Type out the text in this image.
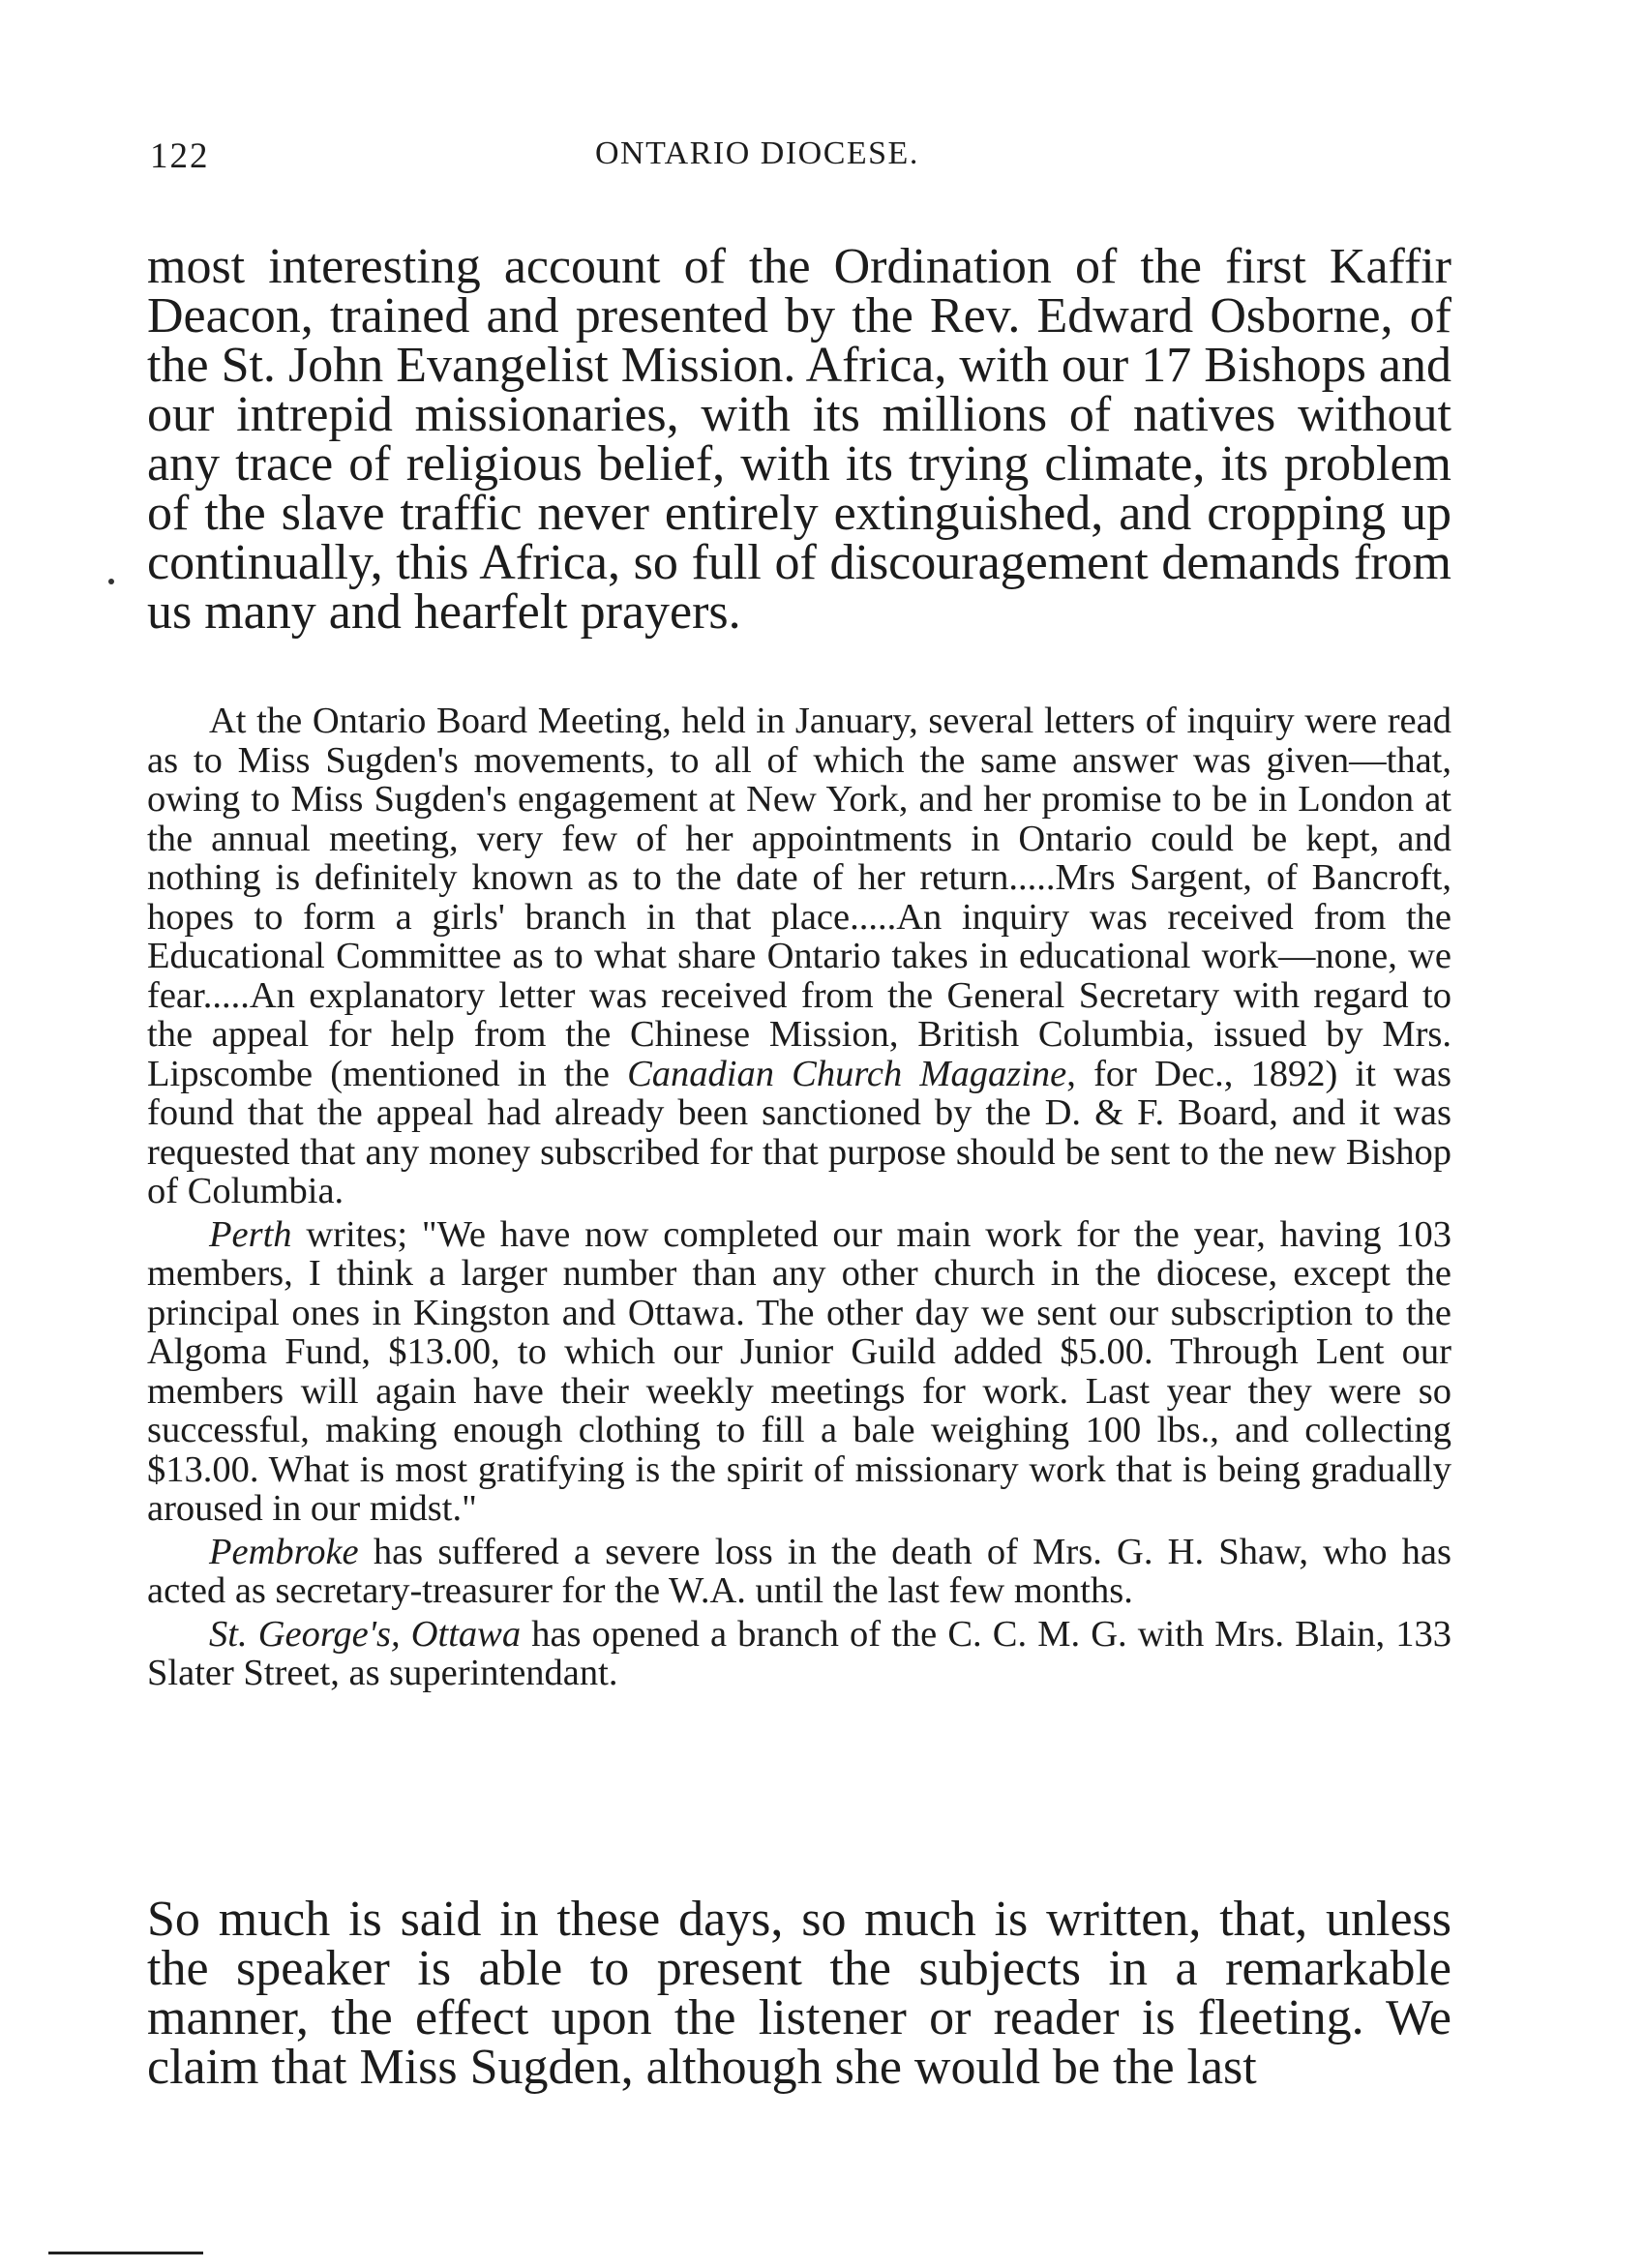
122	ONTARIO DIOCESE.

most interesting account of the Ordination of the first Kaffir Deacon, trained and presented by the Rev. Edward Osborne, of the St. John Evangelist Mission. Africa, with our 17 Bishops and our intrepid missionaries, with its millions of natives without any trace of religious belief, with its trying climate, its problem of the slave traffic never entirely extinguished, and cropping up continually, this Africa, so full of discouragement demands from us many and hearfelt prayers.

At the Ontario Board Meeting, held in January, several letters of inquiry were read as to Miss Sugden's movements, to all of which the same answer was given—that, owing to Miss Sugden's engagement at New York, and her promise to be in London at the annual meeting, very few of her appointments in Ontario could be kept, and nothing is definitely known as to the date of her return.....Mrs Sargent, of Bancroft, hopes to form a girls' branch in that place.....An inquiry was received from the Educational Committee as to what share Ontario takes in educational work—none, we fear.....An explanatory letter was received from the General Secretary with regard to the appeal for help from the Chinese Mission, British Columbia, issued by Mrs. Lipscombe (mentioned in the Canadian Church Magazine, for Dec., 1892) it was found that the appeal had already been sanctioned by the D. & F. Board, and it was requested that any money subscribed for that purpose should be sent to the new Bishop of Columbia.

Perth writes; "We have now completed our main work for the year, having 103 members, I think a larger number than any other church in the diocese, except the principal ones in Kingston and Ottawa. The other day we sent our subscription to the Algoma Fund, $13.00, to which our Junior Guild added $5.00. Through Lent our members will again have their weekly meetings for work. Last year they were so successful, making enough clothing to fill a bale weighing 100 lbs., and collecting $13.00. What is most gratifying is the spirit of missionary work that is being gradually aroused in our midst."

Pembroke has suffered a severe loss in the death of Mrs. G. H. Shaw, who has acted as secretary-treasurer for the W.A. until the last few months.

St. George's, Ottawa has opened a branch of the C. C. M. G. with Mrs. Blain, 133 Slater Street, as superintendant.

So much is said in these days, so much is written, that, unless the speaker is able to present the subjects in a remarkable manner, the effect upon the listener or reader is fleeting. We claim that Miss Sugden, although she would be the last
